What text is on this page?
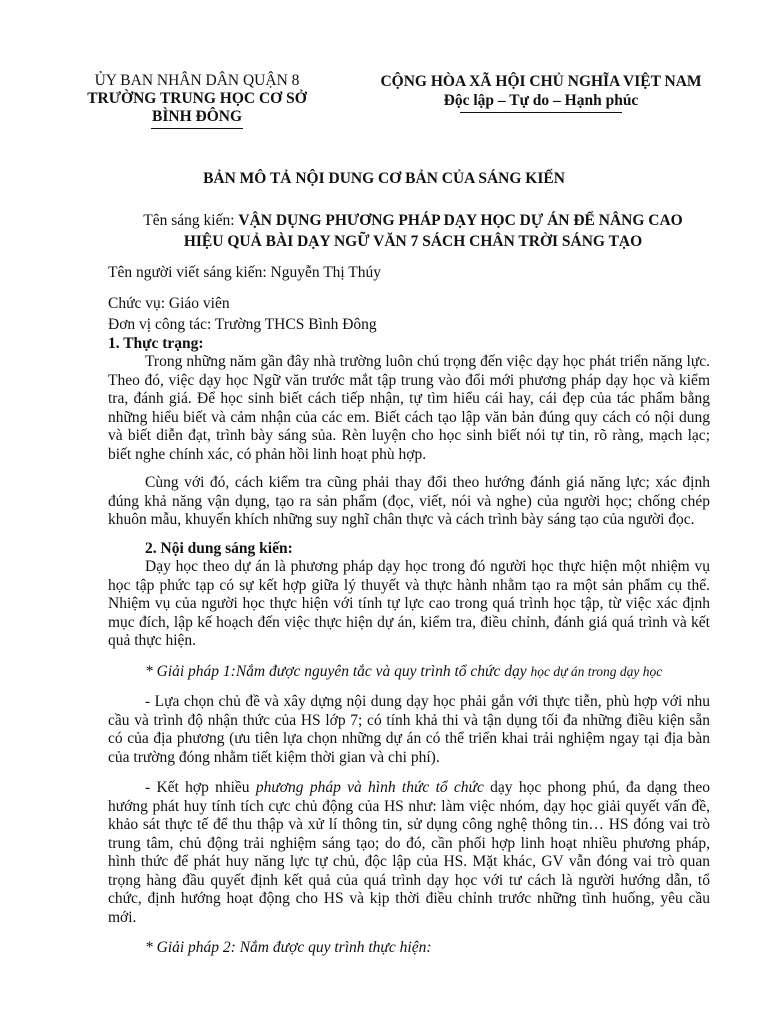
ỦY BAN NHÂN DÂN QUẬN 8
TRƯỜNG TRUNG HỌC CƠ SỞ
BÌNH ĐÔNG
CỘNG HÒA XÃ HỘI CHỦ NGHĨA VIỆT NAM
Độc lập – Tự do – Hạnh phúc
BẢN MÔ TẢ NỘI DUNG CƠ BẢN CỦA SÁNG KIẾN
Tên sáng kiến: VẬN DỤNG PHƯƠNG PHÁP DẠY HỌC DỰ ÁN ĐỂ NÂNG CAO
HIỆU QUẢ BÀI DẠY NGỮ VĂN 7 SÁCH CHÂN TRỜI SÁNG TẠO

Tên người viết sáng kiến: Nguyễn Thị Thúy

Chức vụ: Giáo viên

Đơn vị công tác: Trường THCS Bình Đông

1. Thực trạng:

Trong những năm gần đây nhà trường luôn chú trọng đến việc dạy học phát triển năng lực. Theo đó, việc dạy học Ngữ văn trước mắt tập trung vào đổi mới phương pháp dạy học và kiểm tra, đánh giá. Để học sinh biết cách tiếp nhận, tự tìm hiểu cái hay, cái đẹp của tác phẩm bằng những hiểu biết và cảm nhận của các em. Biết cách tạo lập văn bản đúng quy cách có nội dung và biết diễn đạt, trình bày sáng sủa. Rèn luyện cho học sinh biết nói tự tin, rõ ràng, mạch lạc; biết nghe chính xác, có phản hồi linh hoạt phù hợp.

Cùng với đó, cách kiểm tra cũng phải thay đổi theo hướng đánh giá năng lực; xác định đúng khả năng vận dụng, tạo ra sản phẩm (đọc, viết, nói và nghe) của người học; chống chép khuôn mẫu, khuyến khích những suy nghĩ chân thực và cách trình bày sáng tạo của người đọc.

2. Nội dung sáng kiến:

Dạy học theo dự án là phương pháp dạy học trong đó người học thực hiện một nhiệm vụ học tập phức tạp có sự kết hợp giữa lý thuyết và thực hành nhằm tạo ra một sản phẩm cụ thể. Nhiệm vụ của người học thực hiện với tính tự lực cao trong quá trình học tập, từ việc xác định mục đích, lập kế hoạch đến việc thực hiện dự án, kiểm tra, điều chỉnh, đánh giá quá trình và kết quả thực hiện.

* Giải pháp 1:Nắm được nguyên tắc và quy trình tổ chức dạy học dự án trong dạy học

- Lựa chọn chủ đề và xây dựng nội dung dạy học phải gắn với thực tiễn, phù hợp với nhu cầu và trình độ nhận thức của HS lớp 7; có tính khả thi và tận dụng tối đa những điều kiện sẵn có của địa phương (ưu tiên lựa chọn những dự án có thể triển khai trải nghiệm ngay tại địa bàn của trường đóng nhằm tiết kiệm thời gian và chi phí).

- Kết hợp nhiều phương pháp và hình thức tổ chức dạy học phong phú, đa dạng theo hướng phát huy tính tích cực chủ động của HS như: làm việc nhóm, dạy học giải quyết vấn đề, khảo sát thực tế để thu thập và xử lí thông tin, sử dụng công nghệ thông tin… HS đóng vai trò trung tâm, chủ động trải nghiệm sáng tạo; do đó, cần phối hợp linh hoạt nhiều phương pháp, hình thức để phát huy năng lực tự chủ, độc lập của HS. Mặt khác, GV vẫn đóng vai trò quan trọng hàng đầu quyết định kết quả của quá trình dạy học với tư cách là người hướng dẫn, tổ chức, định hướng hoạt động cho HS và kịp thời điều chỉnh trước những tình huống, yêu cầu mới.

* Giải pháp 2: Nắm được quy trình thực hiện:
